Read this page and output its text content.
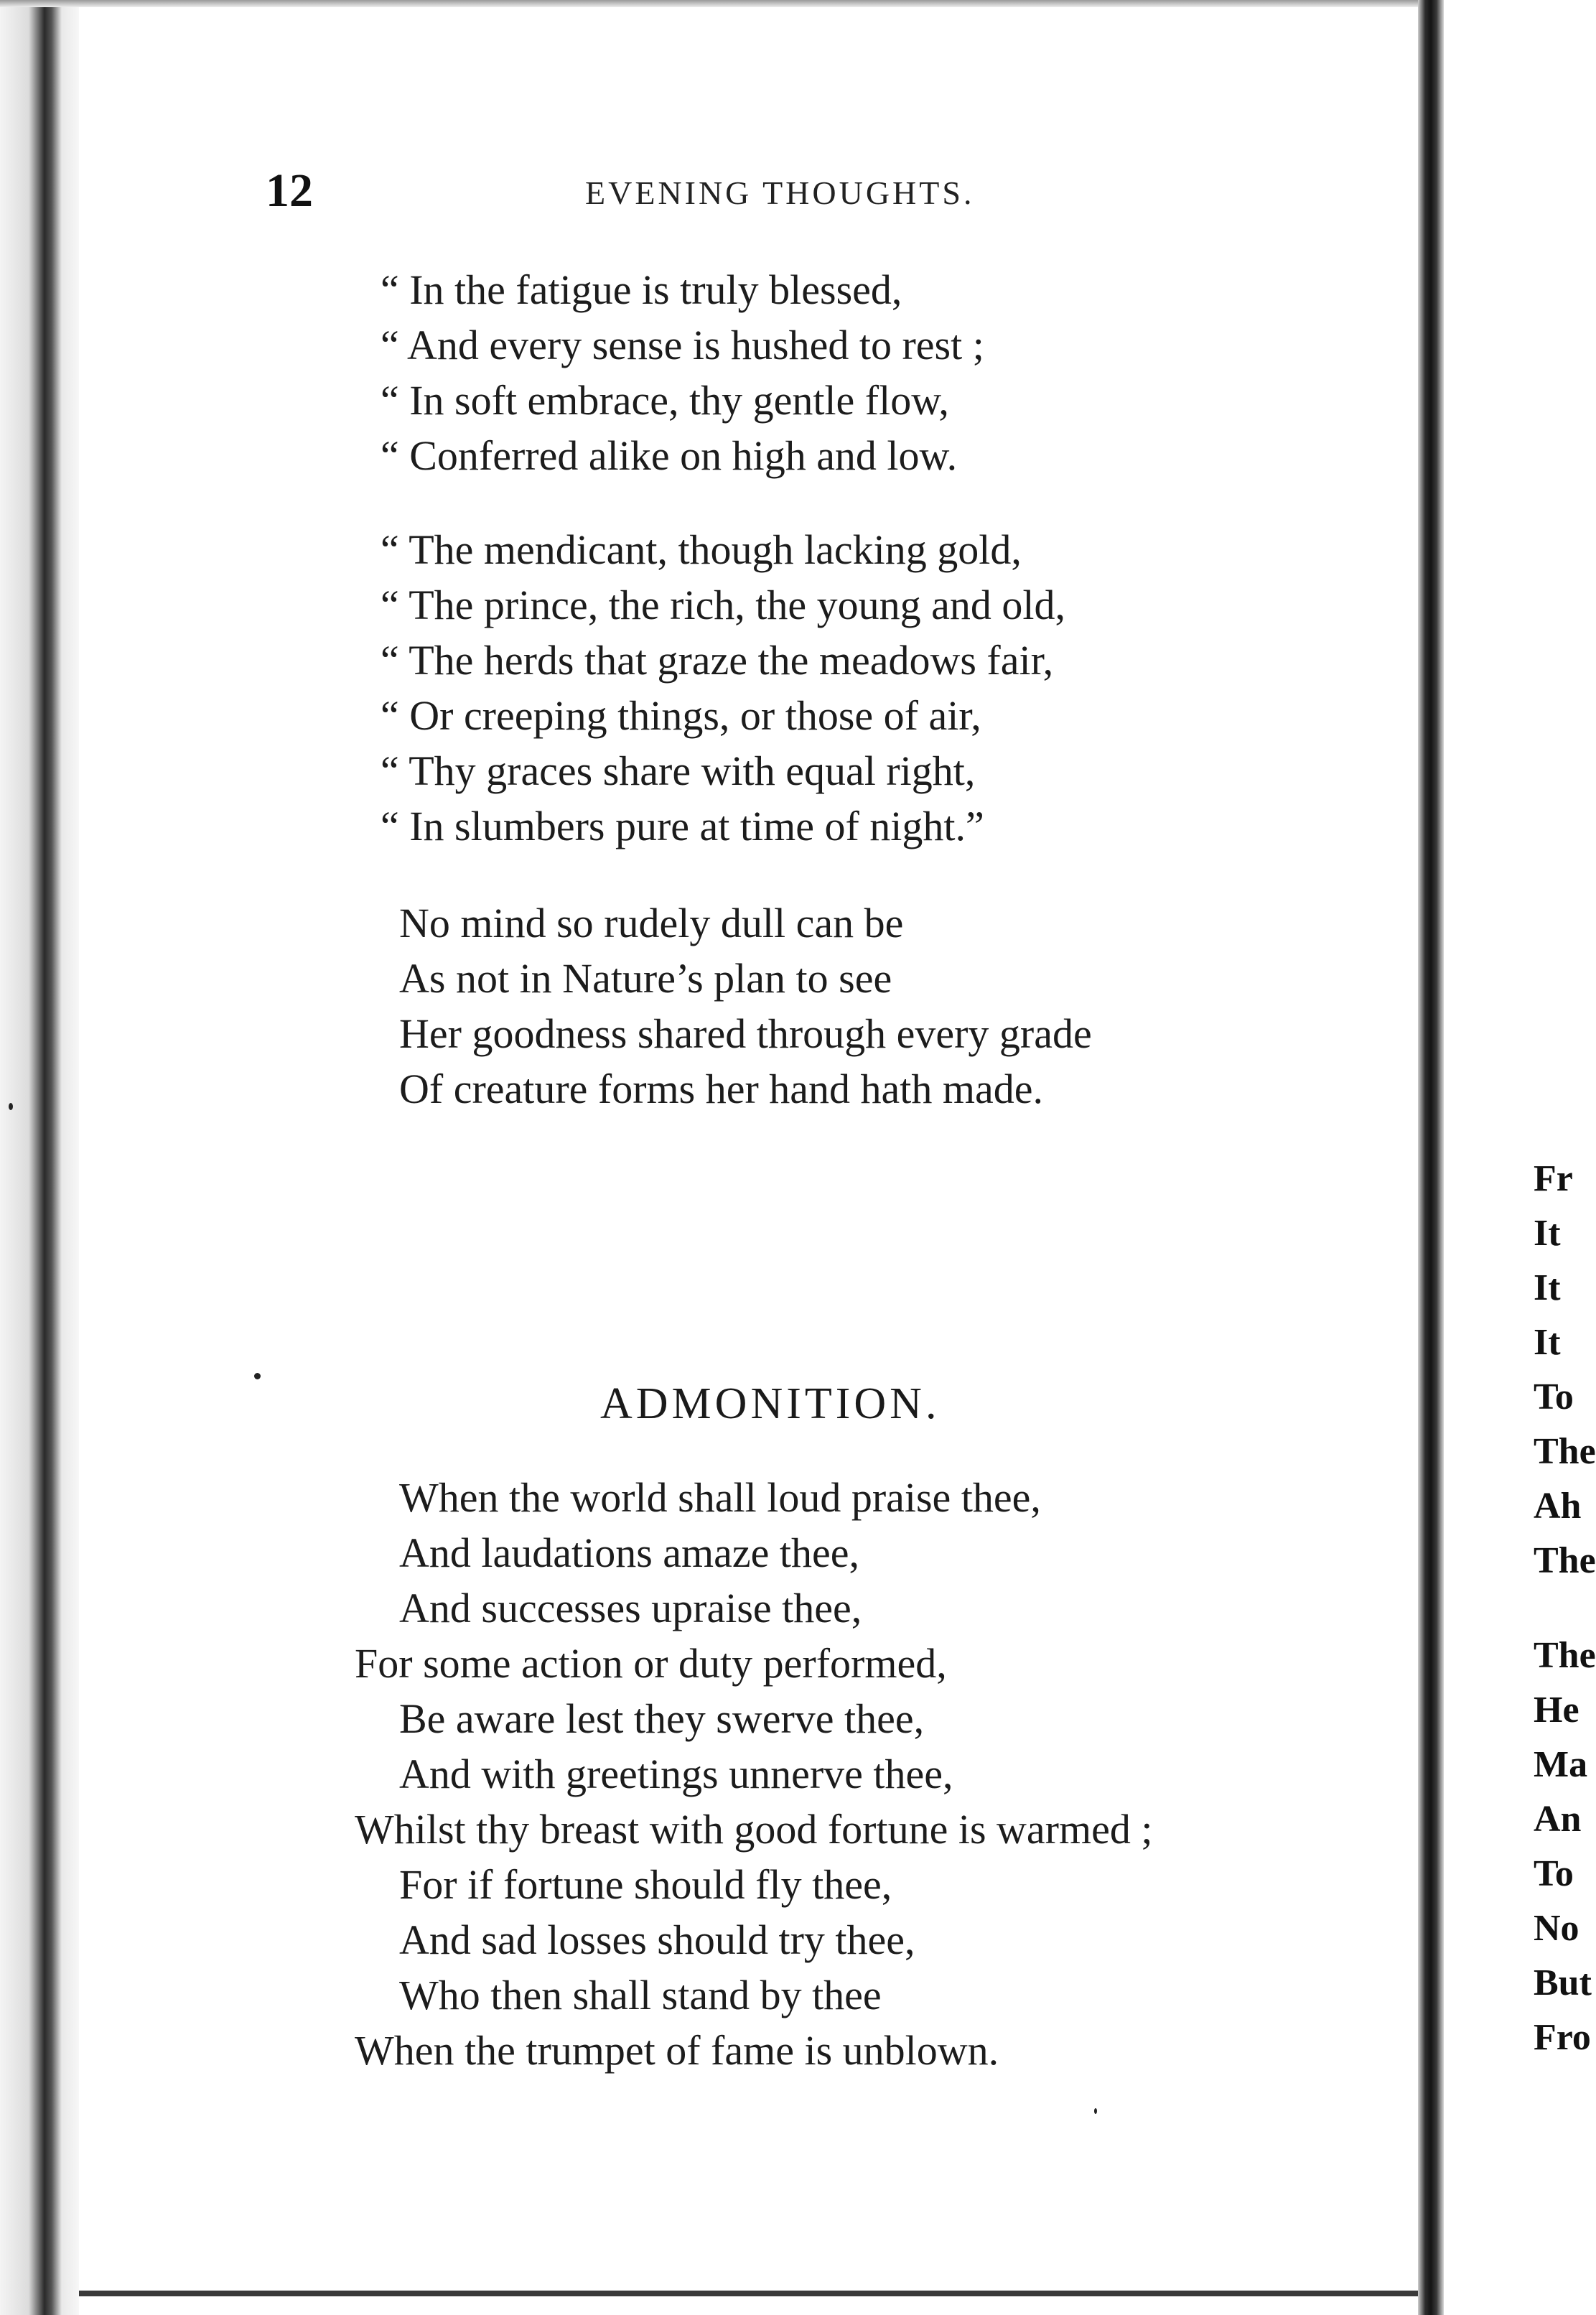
Fr
It
It
It
To
The
Ah
The
The
He
Ma
An
To
No
But
Fro
12	EVENING THOUGHTS.
“ In the fatigue is truly blessed,
“ And every sense is hushed to rest ;
“ In soft embrace, thy gentle flow,
“ Conferred alike on high and low.
“ The mendicant, though lacking gold,
“ The prince, the rich, the young and old,
“ The herds that graze the meadows fair,
“ Or creeping things, or those of air,
“ Thy graces share with equal right,
“ In slumbers pure at time of night.”
No mind so rudely dull can be
As not in Nature’s plan to see
Her goodness shared through every grade
Of creature forms her hand hath made.
ADMONITION.
When the world shall loud praise thee,
And laudations amaze thee,
And successes upraise thee,
For some action or duty performed,
Be aware lest they swerve thee,
And with greetings unnerve thee,
Whilst thy breast with good fortune is warmed ;
For if fortune should fly thee,
And sad losses should try thee,
Who then shall stand by thee
When the trumpet of fame is unblown.
